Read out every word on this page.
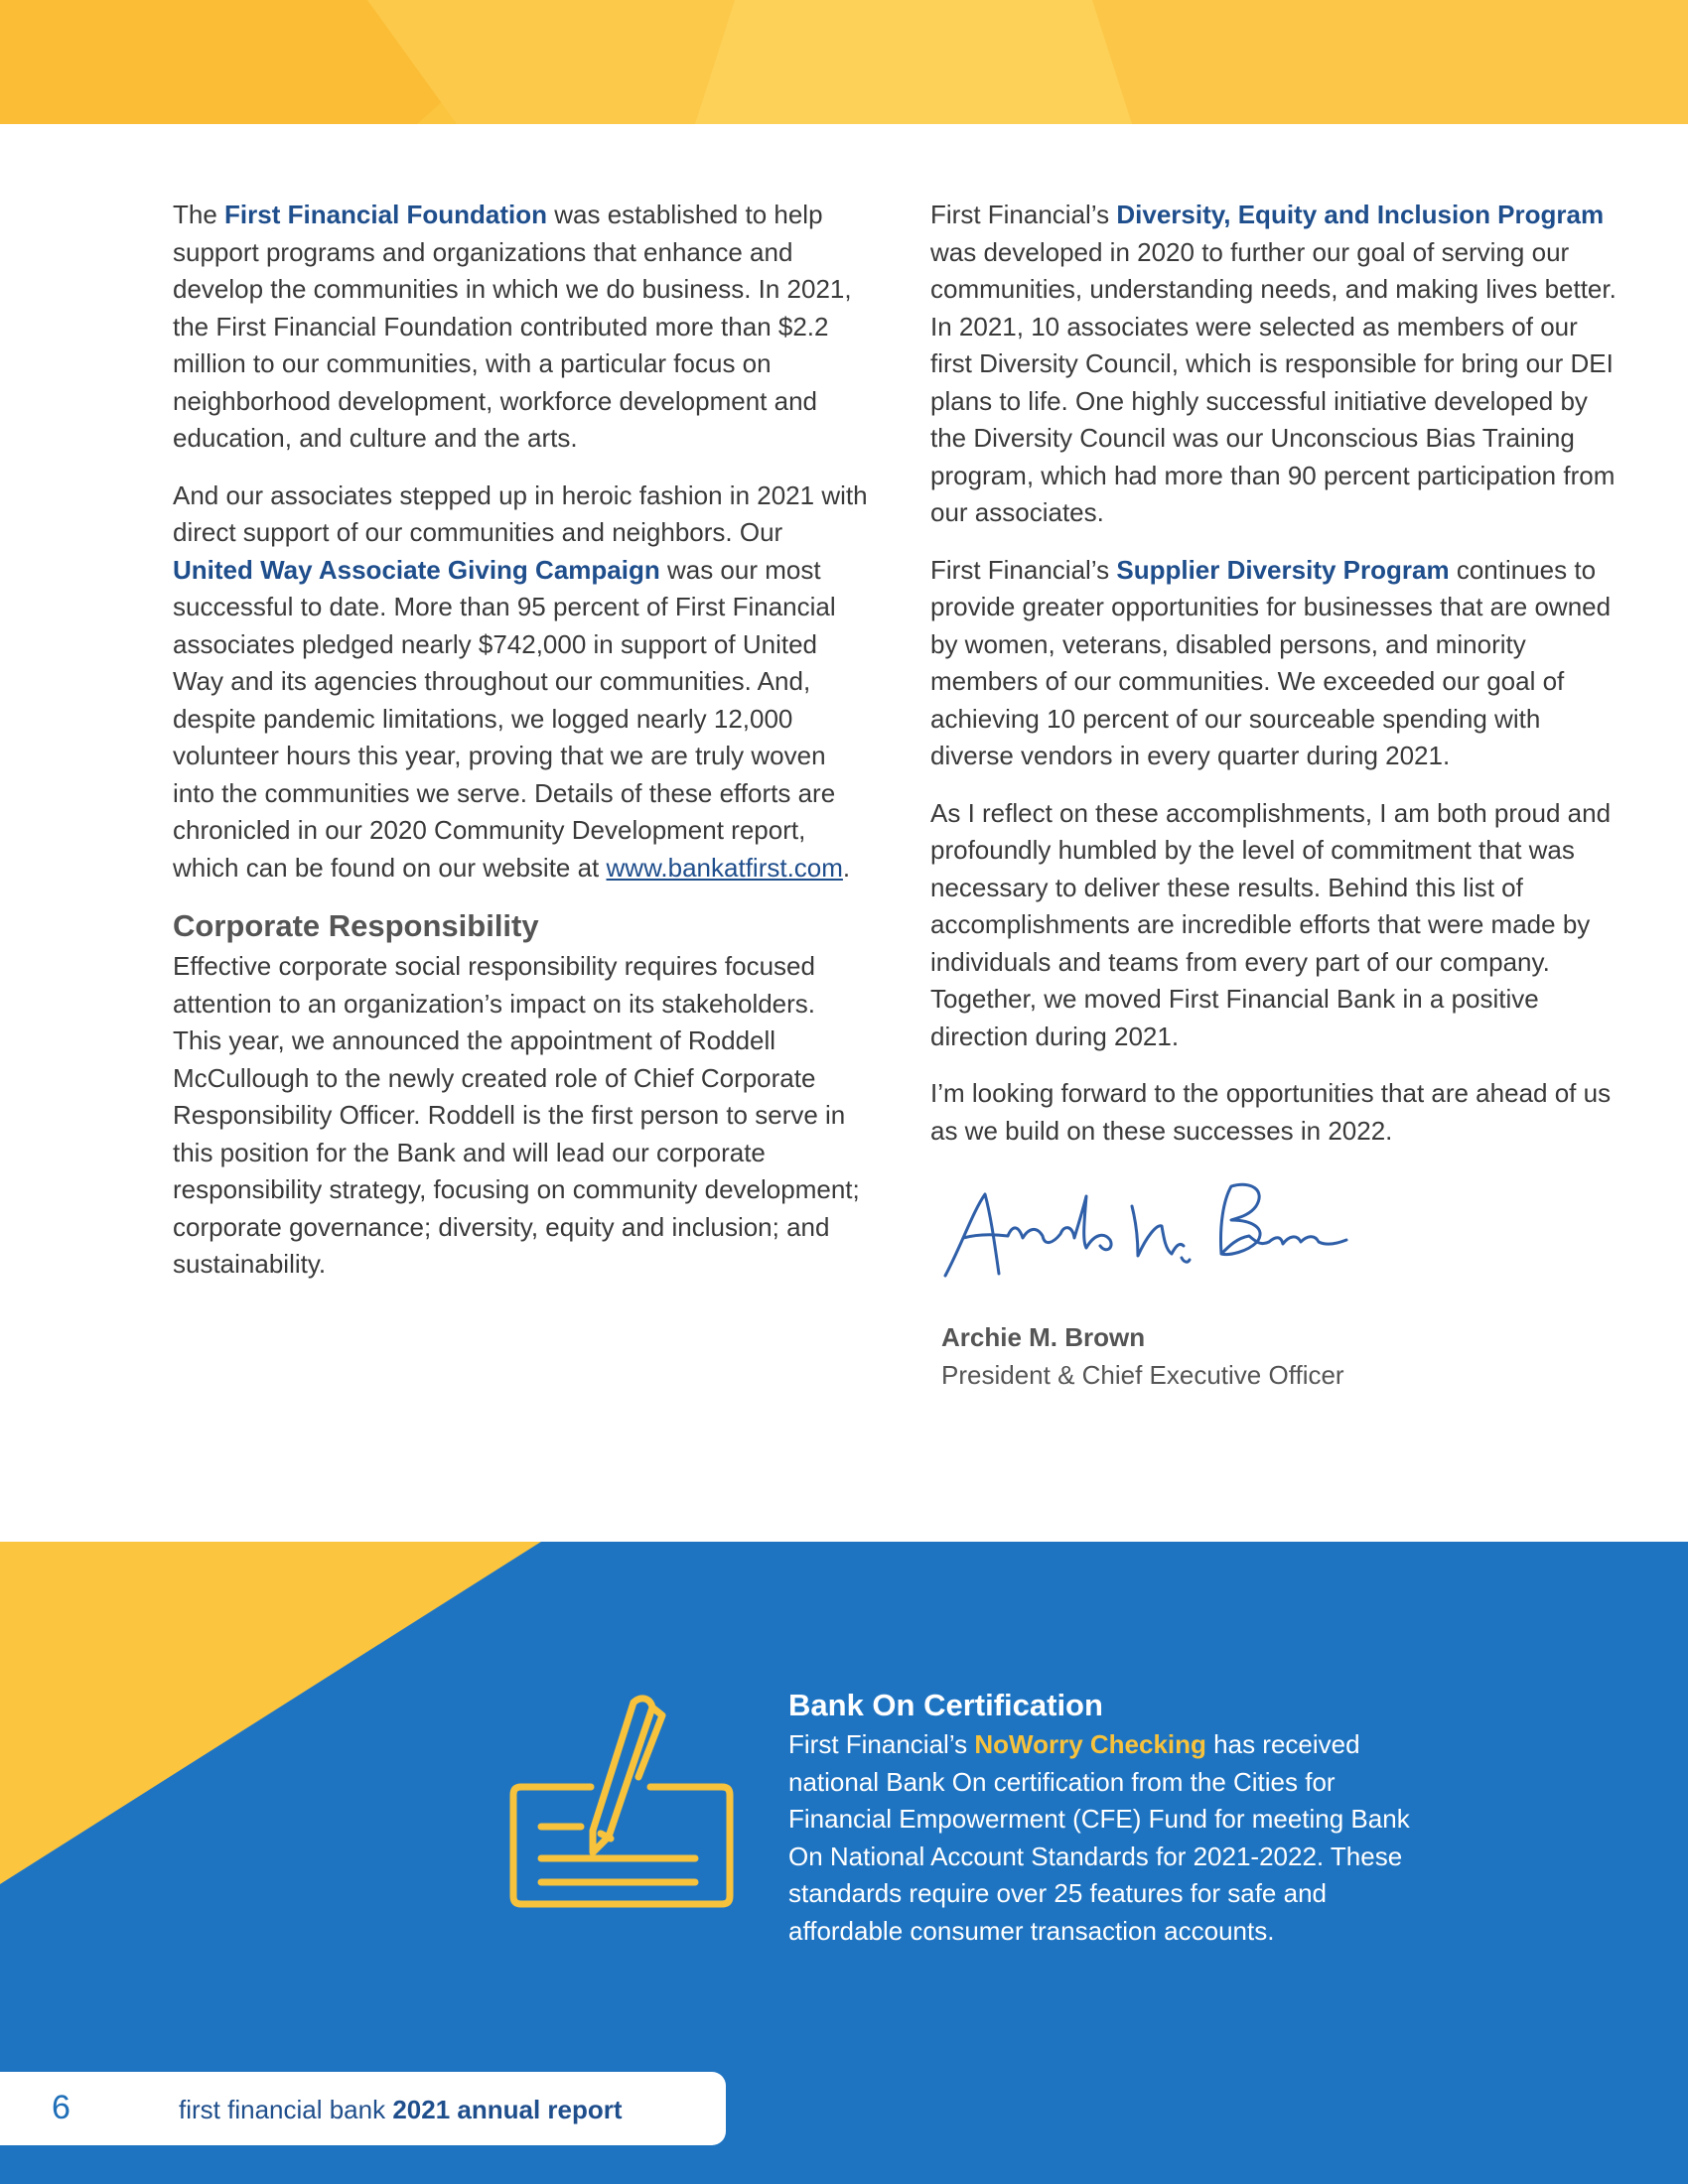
The First Financial Foundation was established to help support programs and organizations that enhance and develop the communities in which we do business. In 2021, the First Financial Foundation contributed more than $2.2 million to our communities, with a particular focus on neighborhood development, workforce development and education, and culture and the arts.

And our associates stepped up in heroic fashion in 2021 with direct support of our communities and neighbors. Our United Way Associate Giving Campaign was our most successful to date. More than 95 percent of First Financial associates pledged nearly $742,000 in support of United Way and its agencies throughout our communities. And, despite pandemic limitations, we logged nearly 12,000 volunteer hours this year, proving that we are truly woven into the communities we serve. Details of these efforts are chronicled in our 2020 Community Development report, which can be found on our website at www.bankatfirst.com.

Corporate Responsibility

Effective corporate social responsibility requires focused attention to an organization’s impact on its stakeholders. This year, we announced the appointment of Roddell McCullough to the newly created role of Chief Corporate Responsibility Officer. Roddell is the first person to serve in this position for the Bank and will lead our corporate responsibility strategy, focusing on community development; corporate governance; diversity, equity and inclusion; and sustainability.

First Financial’s Diversity, Equity and Inclusion Program was developed in 2020 to further our goal of serving our communities, understanding needs, and making lives better. In 2021, 10 associates were selected as members of our first Diversity Council, which is responsible for bring our DEI plans to life. One highly successful initiative developed by the Diversity Council was our Unconscious Bias Training program, which had more than 90 percent participation from our associates.

First Financial’s Supplier Diversity Program continues to provide greater opportunities for businesses that are owned by women, veterans, disabled persons, and minority members of our communities. We exceeded our goal of achieving 10 percent of our sourceable spending with diverse vendors in every quarter during 2021.

As I reflect on these accomplishments, I am both proud and profoundly humbled by the level of commitment that was necessary to deliver these results. Behind this list of accomplishments are incredible efforts that were made by individuals and teams from every part of our company. Together, we moved First Financial Bank in a positive direction during 2021.

I’m looking forward to the opportunities that are ahead of us as we build on these successes in 2022.

Archie M. Brown
President & Chief Executive Officer
Bank On Certification

First Financial’s NoWorry Checking has received national Bank On certification from the Cities for Financial Empowerment (CFE) Fund for meeting Bank On National Account Standards for 2021-2022. These standards require over 25 features for safe and affordable consumer transaction accounts.

6	first financial bank 2021 annual report
